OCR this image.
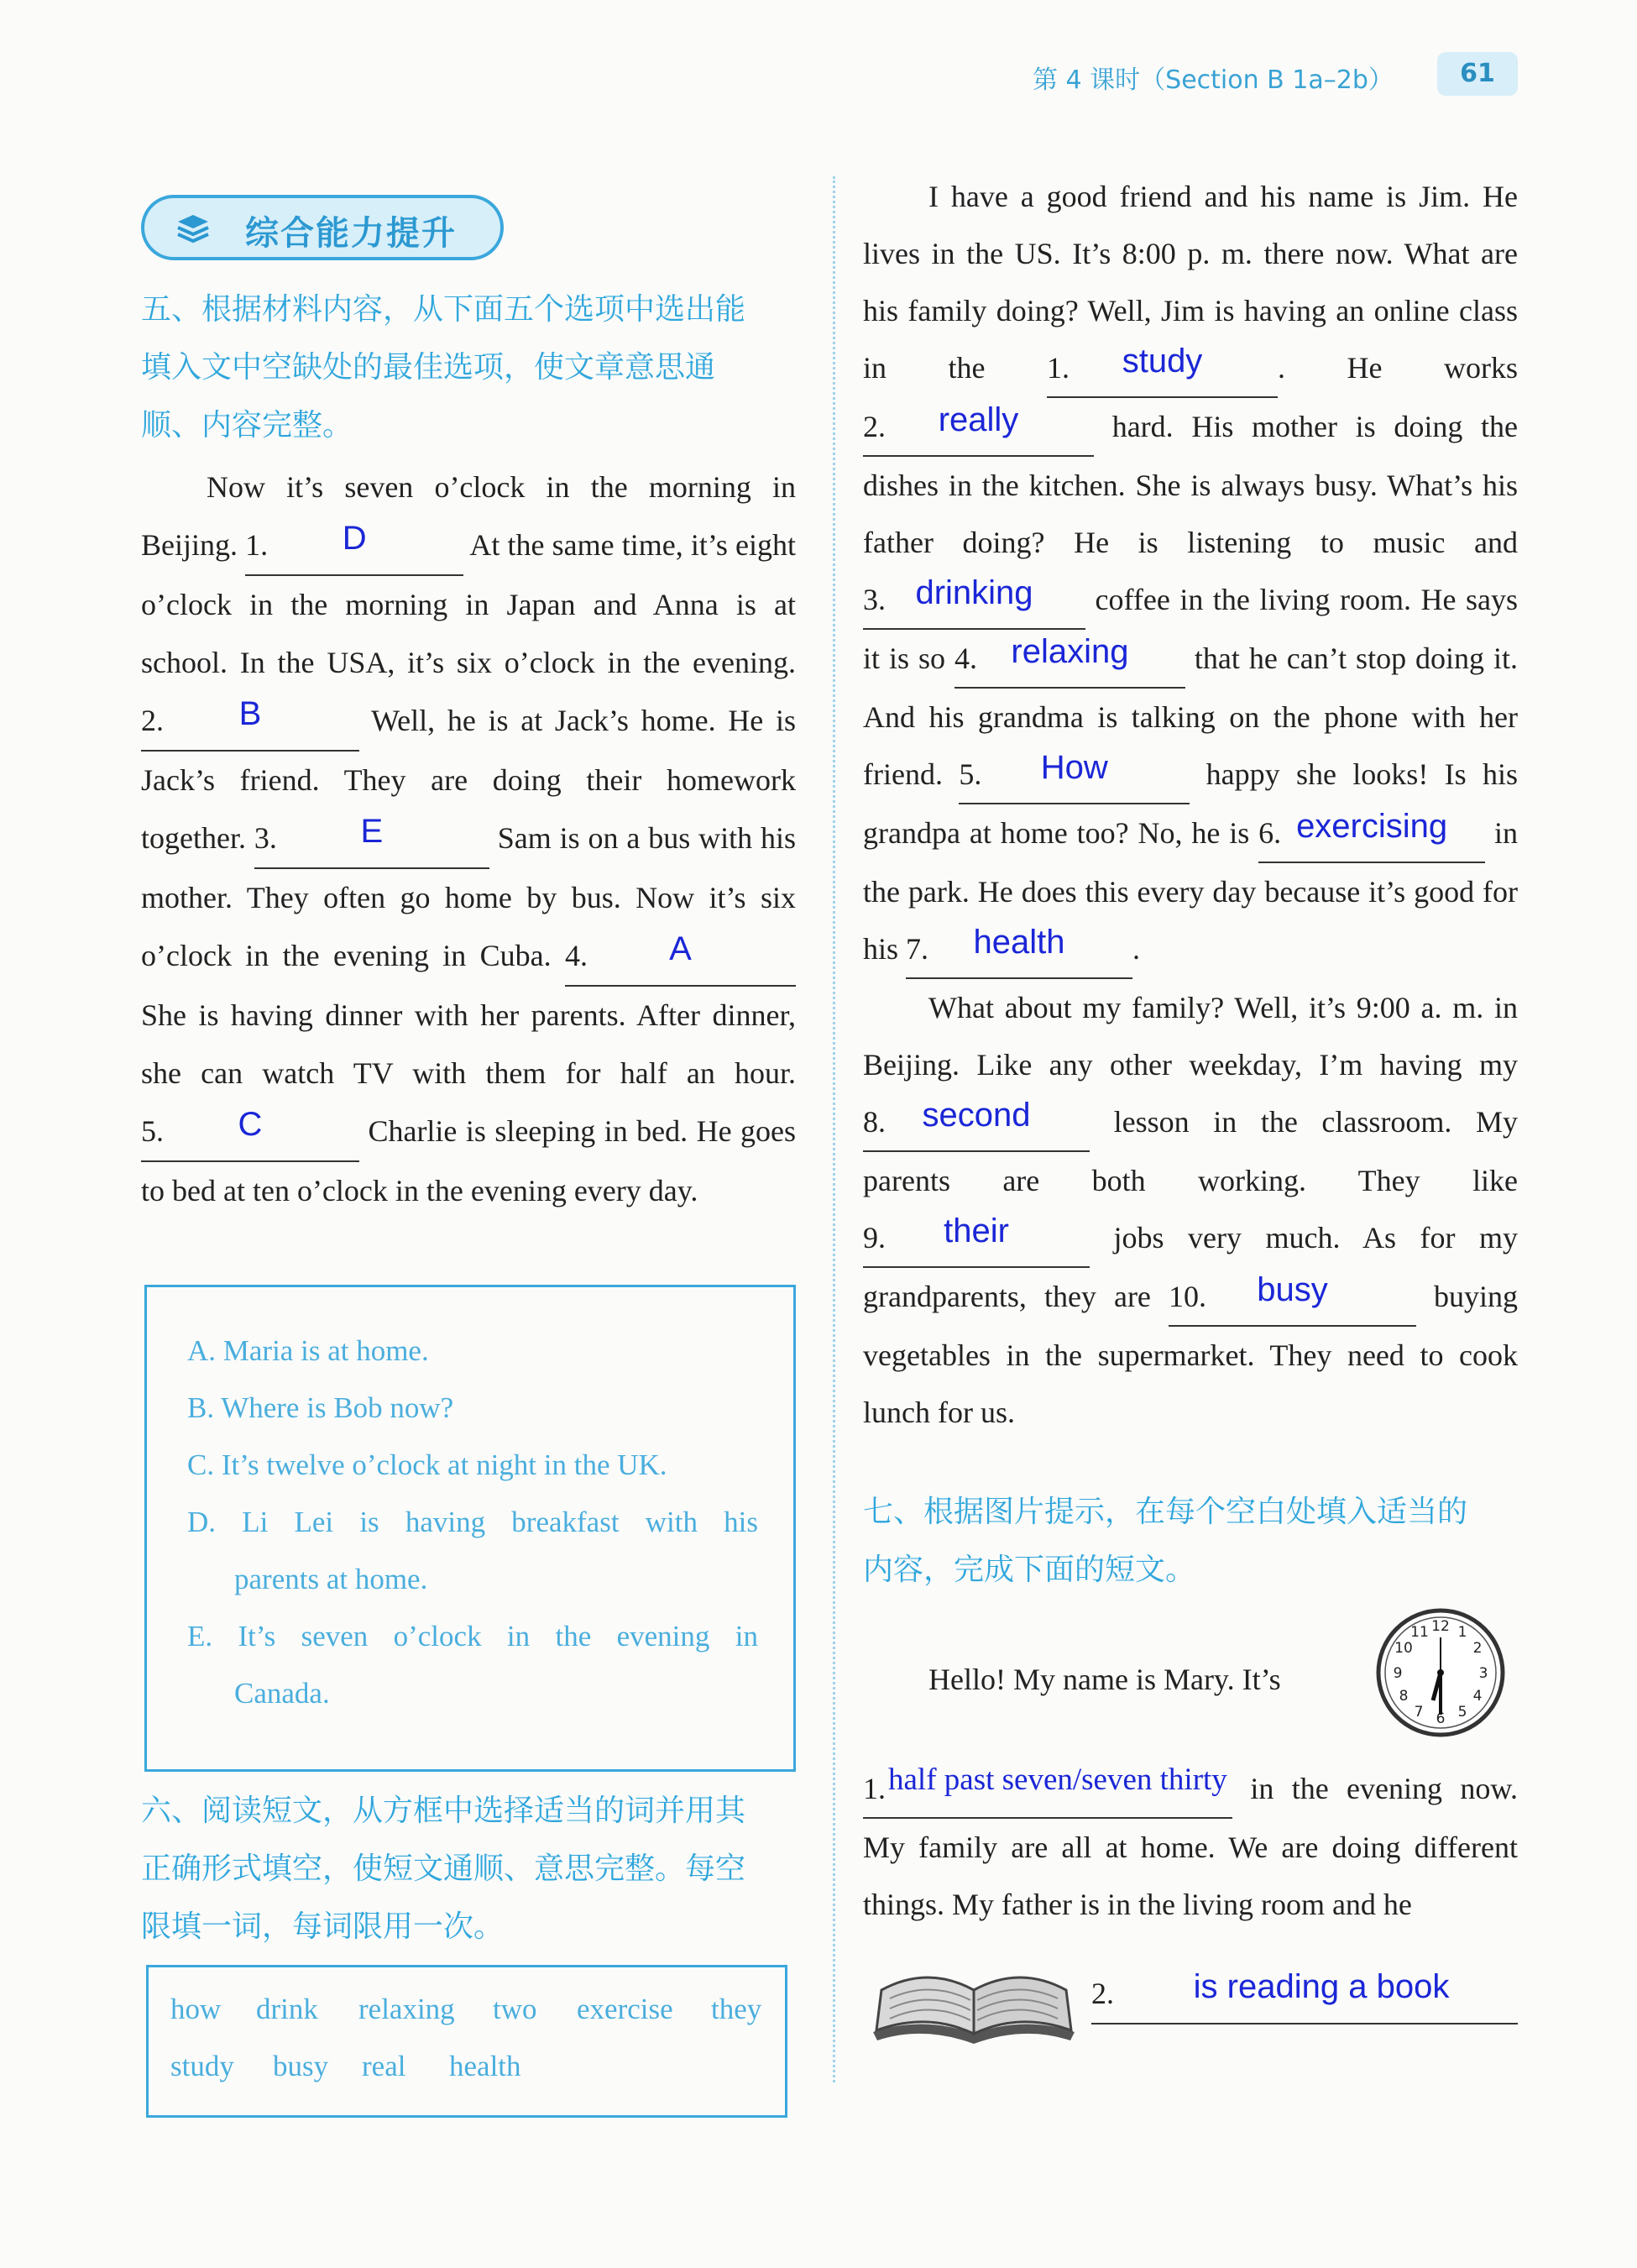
第 4 课时（Section B 1a–2b）	61
综合能力提升
五、根据材料内容，从下面五个选项中选出能
填入文中空缺处的最佳选项，使文章意思通
顺、内容完整。

Now it’s seven o’clock in the morning in Beijing. 1.	D	At the same time, it’s eight o’clock in the morning in Japan and Anna is at school. In the USA, it’s six o’clock in the evening. 2.	B	Well, he is at Jack’s home. He is Jack’s friend. They are doing their homework together. 3.	E	Sam is on a bus with his mother. They often go home by bus. Now it’s six o’clock in the evening in Cuba. 4.	A
She is having dinner with her parents. After dinner, she can watch TV with them for half an hour. 5.	C	Charlie is sleeping in bed. He goes to bed at ten o’clock in the evening every day.

A. Maria is at home.
B. Where is Bob now?
C. It’s twelve o’clock at night in the UK.
D. Li Lei is having breakfast with his
parents at home.
E. It’s seven o’clock in the evening in
Canada.
六、阅读短文，从方框中选择适当的词并用其
正确形式填空，使短文通顺、意思完整。每空
限填一词，每词限用一次。
how drink relaxing two exercise they
study busy real health

I have a good friend and his name is Jim. He lives in the US. It’s 8:00 p. m. there now. What are his family doing? Well, Jim is having an online class in the 1.	study	. He works 2.	really	hard. His mother is doing the dishes in the kitchen. She is always busy. What’s his father doing? He is listening to music and 3. drinking	coffee in the living room. He says it is so 4.	relaxing	that he can’t stop doing it. And his grandma is talking on the phone with her friend. 5.	How	happy she looks! Is his grandpa at home too? No, he is 6. exercising	in the park. He does this every day because it’s good for his 7.	health	.

What about my family? Well, it’s 9:00 a. m. in Beijing. Like any other weekday, I’m having my 8.	second	lesson in the classroom. My parents are both working. They like 9.	their	jobs very much. As for my grandparents, they are 10.	busy	buying vegetables in the supermarket. They need to cook lunch for us.

七、根据图片提示，在每个空白处填入适当的
内容，完成下面的短文。
Hello! My name is Mary. It’s
12 1
2
3
4
5
6
7
8
9
10
11

1. half past seven/seven thirty in the evening now. My family are all at home. We are doing different things. My father is in the living room and he

2.	is reading a book
